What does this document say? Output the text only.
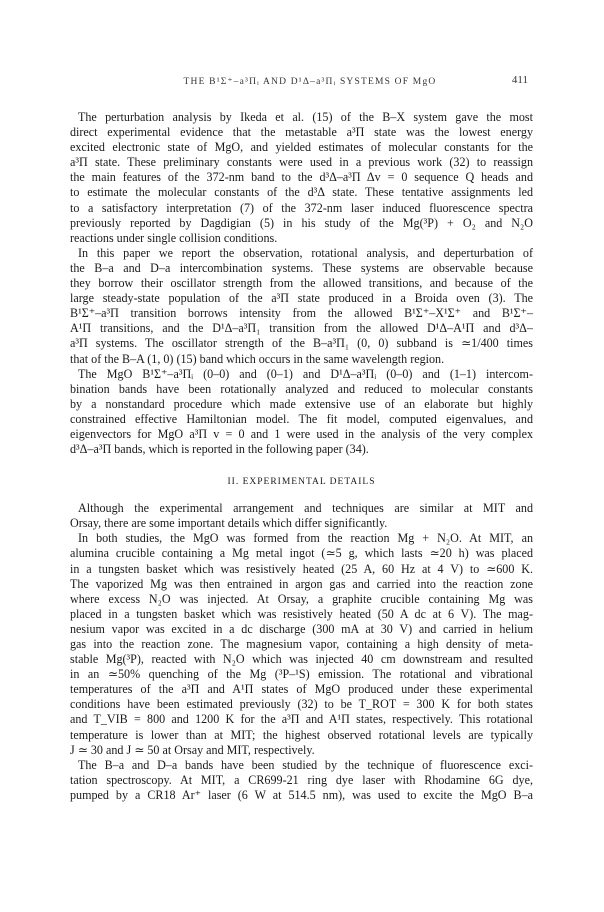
THE B¹Σ⁺–a³Πᵢ AND D¹Δ–a³Πᵢ SYSTEMS OF MgO	411
The perturbation analysis by Ikeda et al. (15) of the B–X system gave the most
direct experimental evidence that the metastable a³Π state was the lowest energy
excited electronic state of MgO, and yielded estimates of molecular constants for the
a³Π state. These preliminary constants were used in a previous work (32) to reassign
the main features of the 372-nm band to the d³Δ–a³Π Δv = 0 sequence Q heads and
to estimate the molecular constants of the d³Δ state. These tentative assignments led
to a satisfactory interpretation (7) of the 372-nm laser induced fluorescence spectra
previously reported by Dagdigian (5) in his study of the Mg(³P) + O₂ and N₂O
reactions under single collision conditions.
In this paper we report the observation, rotational analysis, and deperturbation of
the B–a and D–a intercombination systems. These systems are observable because
they borrow their oscillator strength from the allowed transitions, and because of the
large steady-state population of the a³Π state produced in a Broida oven (3). The
B¹Σ⁺–a³Π transition borrows intensity from the allowed B¹Σ⁺–X¹Σ⁺ and B¹Σ⁺–
A¹Π transitions, and the D¹Δ–a³Π₁ transition from the allowed D¹Δ–A¹Π and d³Δ–
a³Π systems. The oscillator strength of the B–a³Π₁ (0, 0) subband is ≃1/400 times
that of the B–A (1, 0) (15) band which occurs in the same wavelength region.
The MgO B¹Σ⁺–a³Πᵢ (0–0) and (0–1) and D¹Δ–a³Πᵢ (0–0) and (1–1) intercom-
bination bands have been rotationally analyzed and reduced to molecular constants
by a nonstandard procedure which made extensive use of an elaborate but highly
constrained effective Hamiltonian model. The fit model, computed eigenvalues, and
eigenvectors for MgO a³Π v = 0 and 1 were used in the analysis of the very complex
d³Δ–a³Π bands, which is reported in the following paper (34).
II. EXPERIMENTAL DETAILS
Although the experimental arrangement and techniques are similar at MIT and
Orsay, there are some important details which differ significantly.
In both studies, the MgO was formed from the reaction Mg + N₂O. At MIT, an
alumina crucible containing a Mg metal ingot (≃5 g, which lasts ≃20 h) was placed
in a tungsten basket which was resistively heated (25 A, 60 Hz at 4 V) to ≃600 K.
The vaporized Mg was then entrained in argon gas and carried into the reaction zone
where excess N₂O was injected. At Orsay, a graphite crucible containing Mg was
placed in a tungsten basket which was resistively heated (50 A dc at 6 V). The mag-
nesium vapor was excited in a dc discharge (300 mA at 30 V) and carried in helium
gas into the reaction zone. The magnesium vapor, containing a high density of meta-
stable Mg(³P), reacted with N₂O which was injected 40 cm downstream and resulted
in an ≃50% quenching of the Mg (³P–¹S) emission. The rotational and vibrational
temperatures of the a³Π and A¹Π states of MgO produced under these experimental
conditions have been estimated previously (32) to be T_ROT = 300 K for both states
and T_VIB = 800 and 1200 K for the a³Π and A¹Π states, respectively. This rotational
temperature is lower than at MIT; the highest observed rotational levels are typically
J ≃ 30 and J ≃ 50 at Orsay and MIT, respectively.
The B–a and D–a bands have been studied by the technique of fluorescence exci-
tation spectroscopy. At MIT, a CR699-21 ring dye laser with Rhodamine 6G dye,
pumped by a CR18 Ar⁺ laser (6 W at 514.5 nm), was used to excite the MgO B–a
